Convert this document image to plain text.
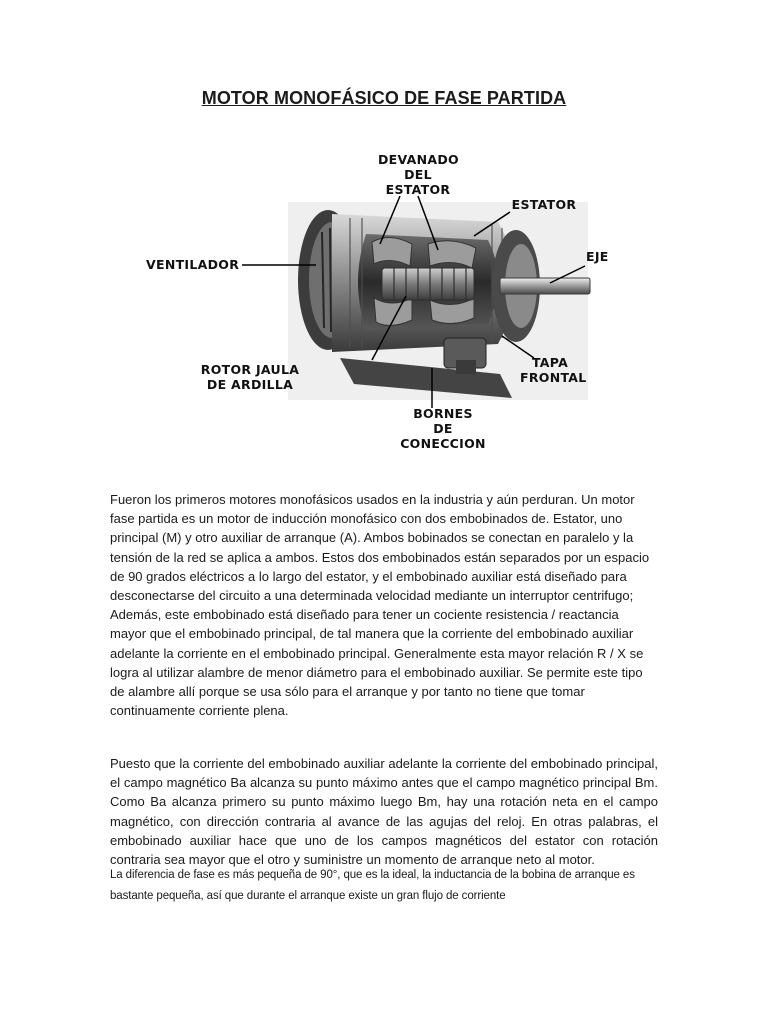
MOTOR MONOFÁSICO DE FASE PARTIDA
DEVANADO
DEL
ESTATOR
ESTATOR
VENTILADOR
EJE
ROTOR JAULA
DE ARDILLA
TAPA
FRONTAL
BORNES
DE
CONECCION

Fueron los primeros motores monofásicos usados en la industria y aún perduran. Un motor fase partida es un motor de inducción monofásico con dos embobinados de. Estator, uno principal (M) y otro auxiliar de arranque (A). Ambos bobinados se conectan en paralelo y la tensión de la red se aplica a ambos. Estos dos embobinados están separados por un espacio de 90 grados eléctricos a lo largo del estator, y el embobinado auxiliar está diseñado para desconectarse del circuito a una determinada velocidad mediante un interruptor centrifugo; Además, este embobinado está diseñado para tener un cociente resistencia / reactancia mayor que el embobinado principal, de tal manera que la corriente del embobinado auxiliar adelante la corriente en el embobinado principal. Generalmente esta mayor relación R / X se logra al utilizar alambre de menor diámetro para el embobinado auxiliar. Se permite este tipo de alambre allí porque se usa sólo para el arranque y por tanto no tiene que tomar continuamente corriente plena.

Puesto que la corriente del embobinado auxiliar adelante la corriente del embobinado principal, el campo magnético Ba alcanza su punto máximo antes que el campo magnético principal Bm. Como Ba alcanza primero su punto máximo luego Bm, hay una rotación neta en el campo magnético, con dirección contraria al avance de las agujas del reloj. En otras palabras, el embobinado auxiliar hace que uno de los campos magnéticos del estator con rotación contraria sea mayor que el otro y suministre un momento de arranque neto al motor.

La diferencia de fase es más pequeña de 90°, que es la ideal, la inductancia de la bobina de arranque es bastante pequeña, así que durante el arranque existe un gran flujo de corriente
